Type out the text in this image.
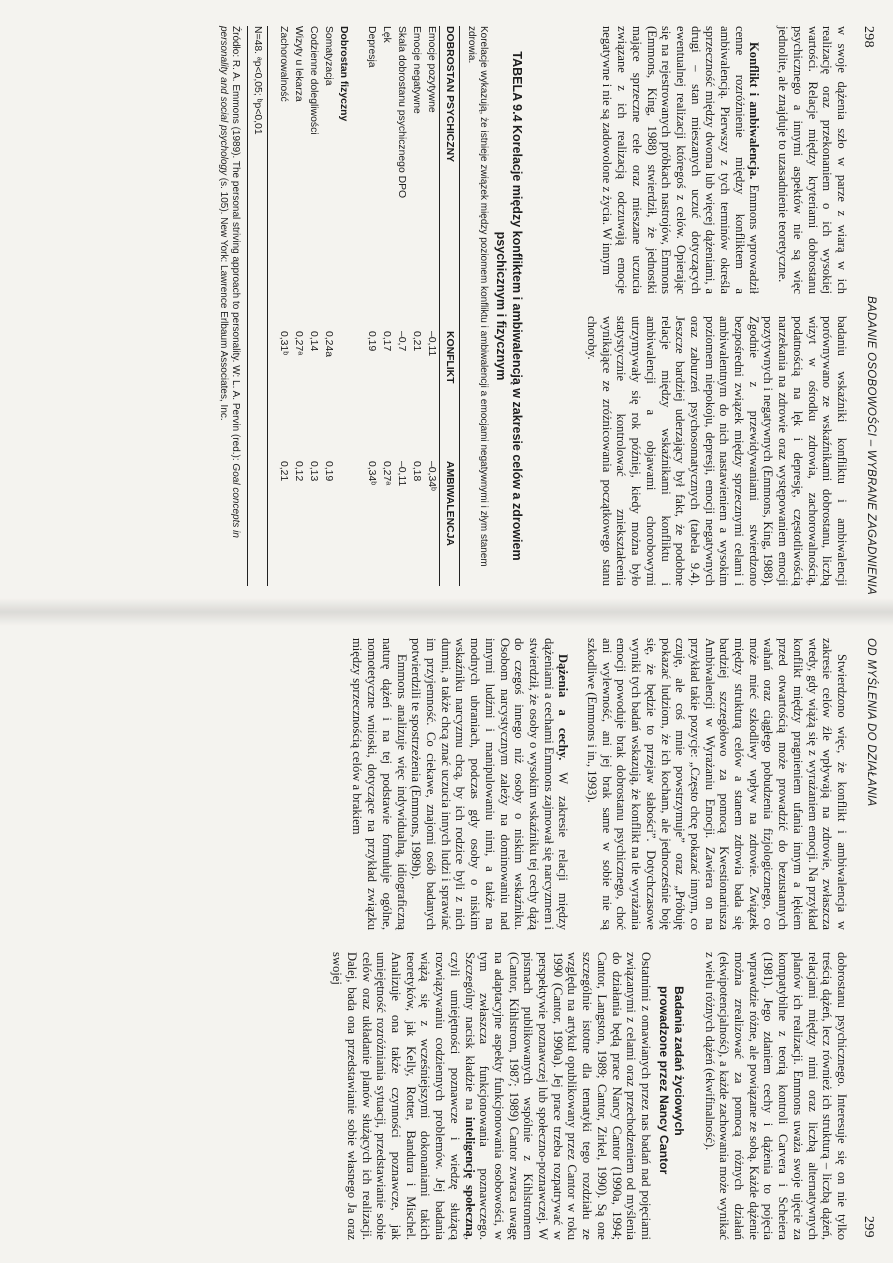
298
BADANIE OSOBOWOŚCI – WYBRANE ZAGADNIENIA

w swoje dążenia szło w parze z wiarą w ich realizację oraz przekonaniem o ich wysokiej wartości. Relacje między kryteriami dobrostanu psychicznego a innymi aspektów nie są więc jednolite, ale znajduje to uzasadnienie teoretyczne.

Konflikt i ambiwalencja. Emmons wprowadził cenne rozróżnienie między konfliktem a ambiwalencją. Pierwszy z tych terminów określa sprzeczność między dwoma lub więcej dążeniami, a drugi – stan mieszanych uczuć dotyczących ewentualnej realizacji któregoś z celów. Opierając się na rejestrowanych próbkach nastrojów, Emmons (Emmons, King, 1988) stwierdził, że jednostki mające sprzeczne cele oraz mieszane uczucia związane z ich realizacją odczuwają emocje negatywne i nie są zadowolone z życia. W innym

badaniu wskaźniki konfliktu i ambiwalencji porównywano ze wskaźnikami dobrostanu, liczbą wizyt w ośrodku zdrowia, zachorowalnością, podatnością na lęk i depresję, częstotliwością narzekania na zdrowie oraz występowaniem emocji pozytywnych i negatywnych (Emmons, King, 1988). Zgodnie z przewidywaniami stwierdzono bezpośredni związek między sprzecznymi celami i ambiwalentnym do nich nastawieniem a wysokim poziomem niepokoju, depresji, emocji negatywnych oraz zaburzeń psychosomatycznych (tabela 9.4). Jeszcze bardziej uderzający był fakt, że podobne relacje między wskaźnikami konfliktu i ambiwalencji a objawami chorobowymi utrzymywały się rok później, kiedy można było statystycznie kontrolować zniekształcenia wynikające ze zróżnicowania początkowego stanu choroby.

TABELA 9.4 Korelacje między konfliktem i ambiwalencją w zakresie celów a zdrowiem psychicznym i fizycznym
Korelacje wykazują, że istnieje związek między poziomem konfliktu i ambiwalencji a emocjami negatywnymi i złym stanem zdrowia.
DOBROSTAN PSYCHICZNY	KONFLIKT	AMBIWALENCJA

Emocje pozytywne	–0,11	–0,34ᵇ
Emocje negatywne	0,21	0,18
Skala dobrostanu psychicznego DPO	–0,7	–0,11
Lęk	0,17	0,27ᵃ
Depresja	0,19	0,34ᵇ

Dobrostan fizyczny		
Somatyzacja	0,24a	0,19
Codzienne dolegliwości	0,14	0,13
Wizyty u lekarza	0,27ᵃ	0,12
Zachorowalność	0,31ᵇ	0,21
N=48. ᵃp<0,05; ᵇp<0,01
Źródło: R. A. Emmons (1989). The personal striving approach to personality. W: L. A. Pervin (red.): Goal concepts in personality and social psychology (s. 105). New York: Lawrence Erlbaum Associates, Inc.
OD MYŚLENIA DO DZIAŁANIA
299

Stwierdzono więc, że konflikt i ambiwalencja w zakresie celów źle wpływają na zdrowie, zwłaszcza wtedy, gdy wiążą się z wyrażaniem emocji. Na przykład konflikt między pragnieniem ufania innym a lękiem przed otwartością może prowadzić do bezustannych wahań oraz ciągłego pobudzenia fizjologicznego, co może mieć szkodliwy wpływ na zdrowie. Związek między strukturą celów a stanem zdrowia bada się bardziej szczegółowo za pomocą Kwestionariusza Ambiwalencji w Wyrażaniu Emocji. Zawiera on na przykład takie pozycje: „Często chcę pokazać innym, co czuję, ale coś mnie powstrzymuje” oraz „Próbuję pokazać ludziom, że ich kocham, ale jednocześnie boję się, że będzie to przejaw słabości”. Dotychczasowe wyniki tych badań wskazują, że konflikt na tle wyrażania emocji powoduje brak dobrostanu psychicznego, choć ani wylewność, ani jej brak same w sobie nie są szkodliwe (Emmons i in., 1993).

Dążenia a cechy. W zakresie relacji między dążeniami a cechami Emmons zajmował się narcyzmem i stwierdził, że osoby o wysokim wskaźniku tej cechy dążą do czegoś innego niż osoby o niskim wskaźniku. Osobom narcystycznym zależy na dominowaniu nad innymi ludźmi i manipulowaniu nimi, a także na modnych ubraniach, podczas gdy osoby o niskim wskaźniku narcyzmu chcą, by ich rodzice byli z nich dumni, a także chcą znać uczucia innych ludzi i sprawiać im przyjemność. Co ciekawe, znajomi osób badanych potwierdzili te spostrzeżenia (Emmons, 1989b).

Emmons analizuje więc indywidualną, idiograficzną naturę dążeń i na tej podstawie formułuje ogólne, nomotetyczne wnioski, dotyczące na przykład związku między sprzecznością celów a brakiem

dobrostanu psychicznego. Interesuje się on nie tylko treścią dążeń, lecz również ich strukturą – liczbą dążeń, relacjami między nimi oraz liczbą alternatywnych planów ich realizacji. Emmons uważa swoje ujęcie za kompatybilne z teorią kontroli Carvera i Scheiera (1981). Jego zdaniem cechy i dążenia to pojęcia wprawdzie różne, ale powiązane ze sobą. Każde dążenie można zrealizować za pomocą różnych działań (ekwipotencjalność), a każde zachowania może wynikać z wielu różnych dążeń (ekwifinalność).

Badania zadań życiowych
prowadzone przez Nancy Cantor

Ostatnimi z omawianych przez nas badań nad pojęciami związanymi z celami oraz przechodzeniem od myślenia do działania będą prace Nancy Cantor (1990a, 1994; Cantor, Langston, 1989; Cantor, Zirkel, 1990). Są one szczególnie istotne dla tematyki tego rozdziału ze względu na artykuł opublikowany przez Cantor w roku 1990 (Cantor, 1990a). Jej prace trzeba rozpatrywać w perspektywie poznawczej lub społeczno-poznawczej. W pismach publikowanych wspólnie z Kihlstromem (Cantor, Kihlstrom, 1987; 1989) Cantor zwraca uwagę na adaptacyjne aspekty funkcjonowania osobowości, w tym zwłaszcza funkcjonowania poznawczego. Szczególny nacisk kładzie na inteligencję społeczną, czyli umiejętności poznawcze i wiedzę służącą rozwiązywaniu codziennych problemów. Jej badania wiążą się z wcześniejszymi dokonaniami takich teoretyków, jak Kelly, Rotter, Bandura i Mischel. Analizuje ona także czynności poznawcze, jak umiejętność rozróżniania sytuacji, przedstawianie sobie celów oraz układanie planów służących ich realizacji. Dalej, bada ona przedstawianie sobie własnego Ja oraz swojej
